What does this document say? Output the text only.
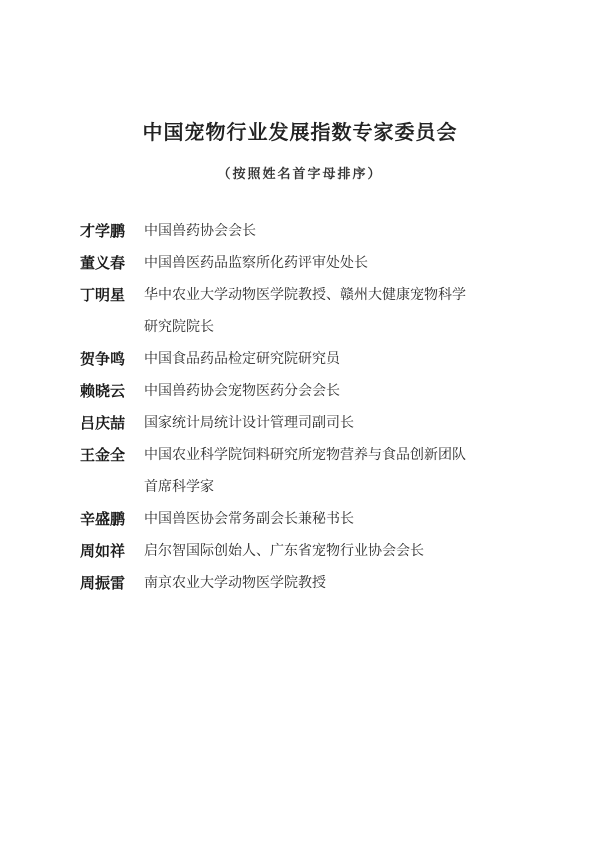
中国宠物行业发展指数专家委员会
（按照姓名首字母排序）
才学鹏	中国兽药协会会长
董义春	中国兽医药品监察所化药评审处处长
丁明星	华中农业大学动物医学院教授、赣州大健康宠物科学
研究院院长
贺争鸣	中国食品药品检定研究院研究员
赖晓云	中国兽药协会宠物医药分会会长
吕庆喆	国家统计局统计设计管理司副司长
王金全	中国农业科学院饲料研究所宠物营养与食品创新团队
首席科学家
辛盛鹏	中国兽医协会常务副会长兼秘书长
周如祥	启尔智国际创始人、广东省宠物行业协会会长
周振雷	南京农业大学动物医学院教授
